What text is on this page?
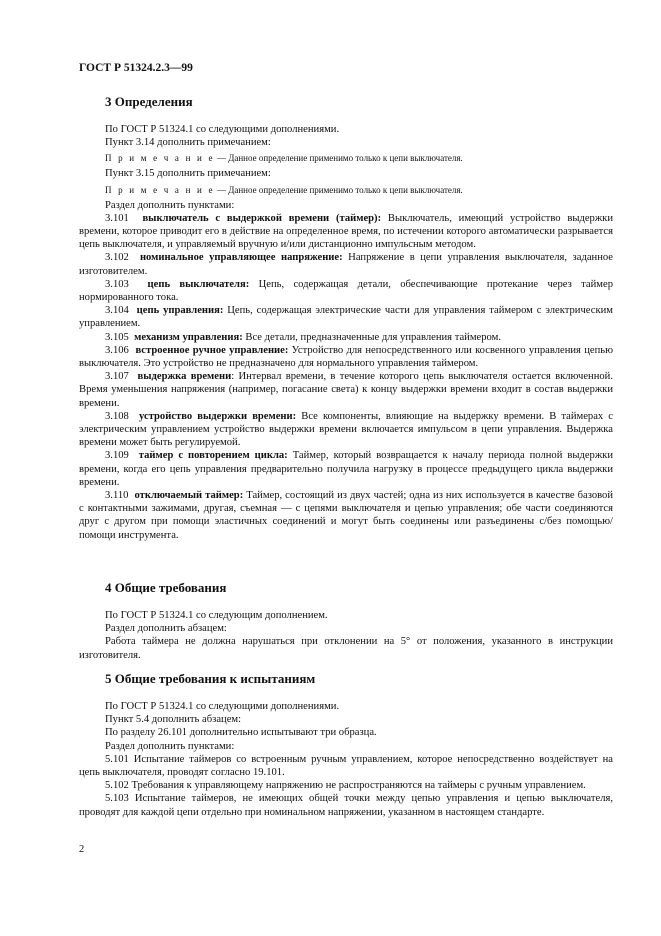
ГОСТ Р 51324.2.3—99

3 Определения

По ГОСТ Р 51324.1 со следующими дополнениями.

Пункт 3.14 дополнить примечанием:

П р и м е ч а н и е — Данное определение применимо только к цепи выключателя.

Пункт 3.15 дополнить примечанием:

П р и м е ч а н и е — Данное определение применимо только к цепи выключателя.

Раздел дополнить пунктами:

3.101 выключатель с выдержкой времени (таймер): Выключатель, имеющий устройство выдержки времени, которое приводит его в действие на определенное время, по истечении которого автоматически разрывается цепь выключателя, и управляемый вручную и/или дистанционно импульсным методом.

3.102 номинальное управляющее напряжение: Напряжение в цепи управления выключателя, заданное изготовителем.

3.103 цепь выключателя: Цепь, содержащая детали, обеспечивающие протекание через таймер нормированного тока.

3.104 цепь управления: Цепь, содержащая электрические части для управления таймером с электрическим управлением.

3.105 механизм управления: Все детали, предназначенные для управления таймером.

3.106 встроенное ручное управление: Устройство для непосредственного или косвенного управления цепью выключателя. Это устройство не предназначено для нормального управления таймером.

3.107 выдержка времени: Интервал времени, в течение которого цепь выключателя остается включенной. Время уменьшения напряжения (например, погасание света) к концу выдержки времени входит в состав выдержки времени.

3.108 устройство выдержки времени: Все компоненты, влияющие на выдержку времени. В таймерах с электрическим управлением устройство выдержки времени включается импульсом в цепи управления. Выдержка времени может быть регулируемой.

3.109 таймер с повторением цикла: Таймер, который возвращается к началу периода полной выдержки времени, когда его цепь управления предварительно получила нагрузку в процессе предыдущего цикла выдержки времени.

3.110 отключаемый таймер: Таймер, состоящий из двух частей; одна из них используется в качестве базовой с контактными зажимами, другая, съемная — с цепями выключателя и цепью управления; обе части соединяются друг с другом при помощи эластичных соединений и могут быть соединены или разъединены с/без помощью/помощи инструмента.

4 Общие требования

По ГОСТ Р 51324.1 со следующим дополнением.

Раздел дополнить абзацем:

Работа таймера не должна нарушаться при отклонении на 5° от положения, указанного в инструкции изготовителя.

5 Общие требования к испытаниям

По ГОСТ Р 51324.1 со следующими дополнениями.

Пункт 5.4 дополнить абзацем:

По разделу 26.101 дополнительно испытывают три образца.

Раздел дополнить пунктами:

5.101 Испытание таймеров со встроенным ручным управлением, которое непосредственно воздействует на цепь выключателя, проводят согласно 19.101.

5.102 Требования к управляющему напряжению не распространяются на таймеры с ручным управлением.

5.103 Испытание таймеров, не имеющих общей точки между цепью управления и цепью выключателя, проводят для каждой цепи отдельно при номинальном напряжении, указанном в настоящем стандарте.

2
